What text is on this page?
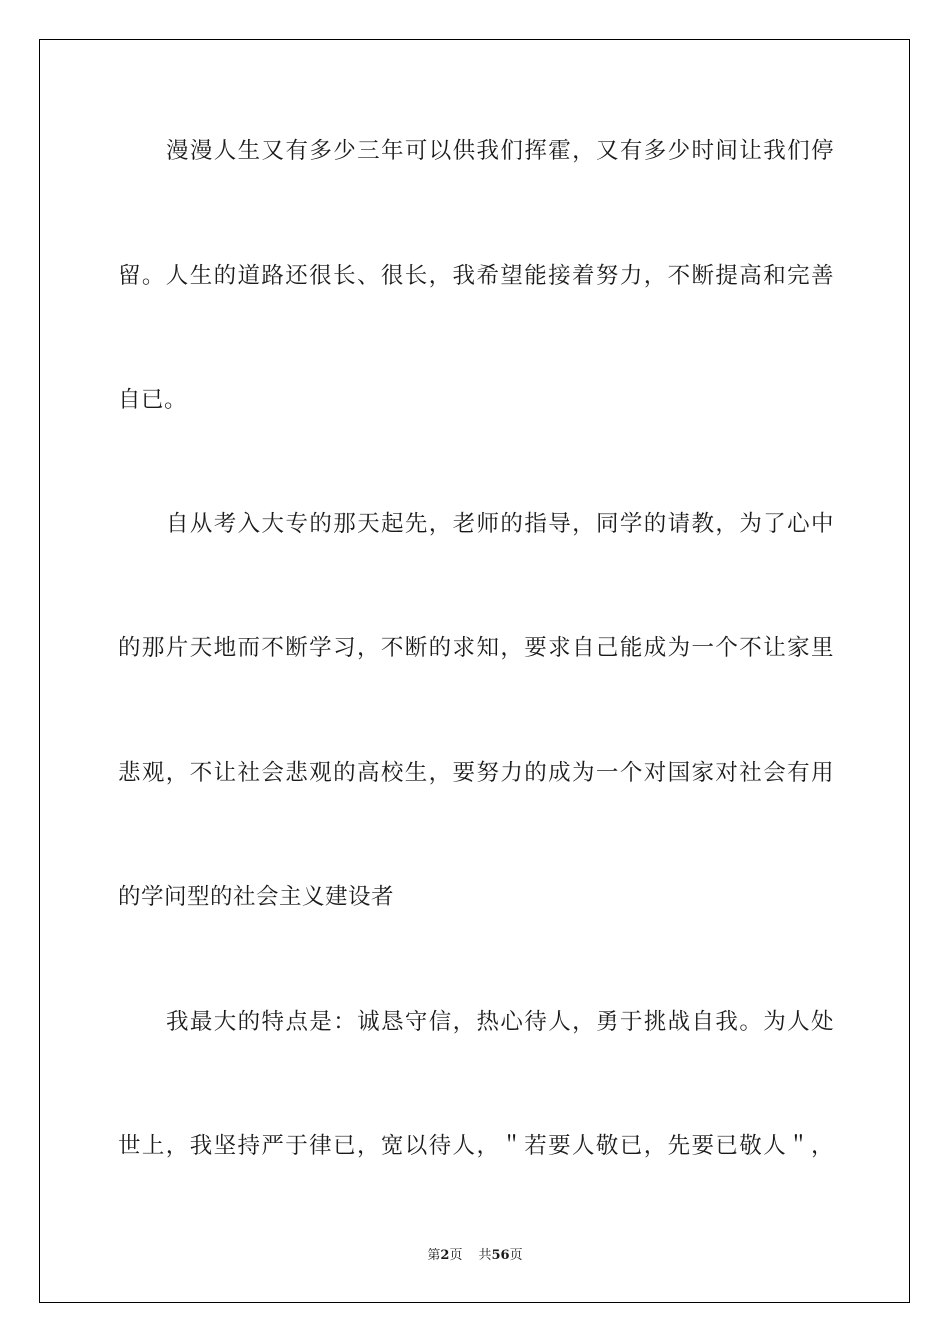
漫漫人生又有多少三年可以供我们挥霍，又有多少时间让我们停
留。人生的道路还很长、很长，我希望能接着努力，不断提高和完善
自已。
自从考入大专的那天起先，老师的指导，同学的请教，为了心中
的那片天地而不断学习，不断的求知，要求自己能成为一个不让家里
悲观，不让社会悲观的高校生，要努力的成为一个对国家对社会有用
的学问型的社会主义建设者
我最大的特点是：诚恳守信，热心待人，勇于挑战自我。为人处
世上，我坚持严于律已，宽以待人，＂若要人敬已，先要已敬人＂，
第2页 共56页
